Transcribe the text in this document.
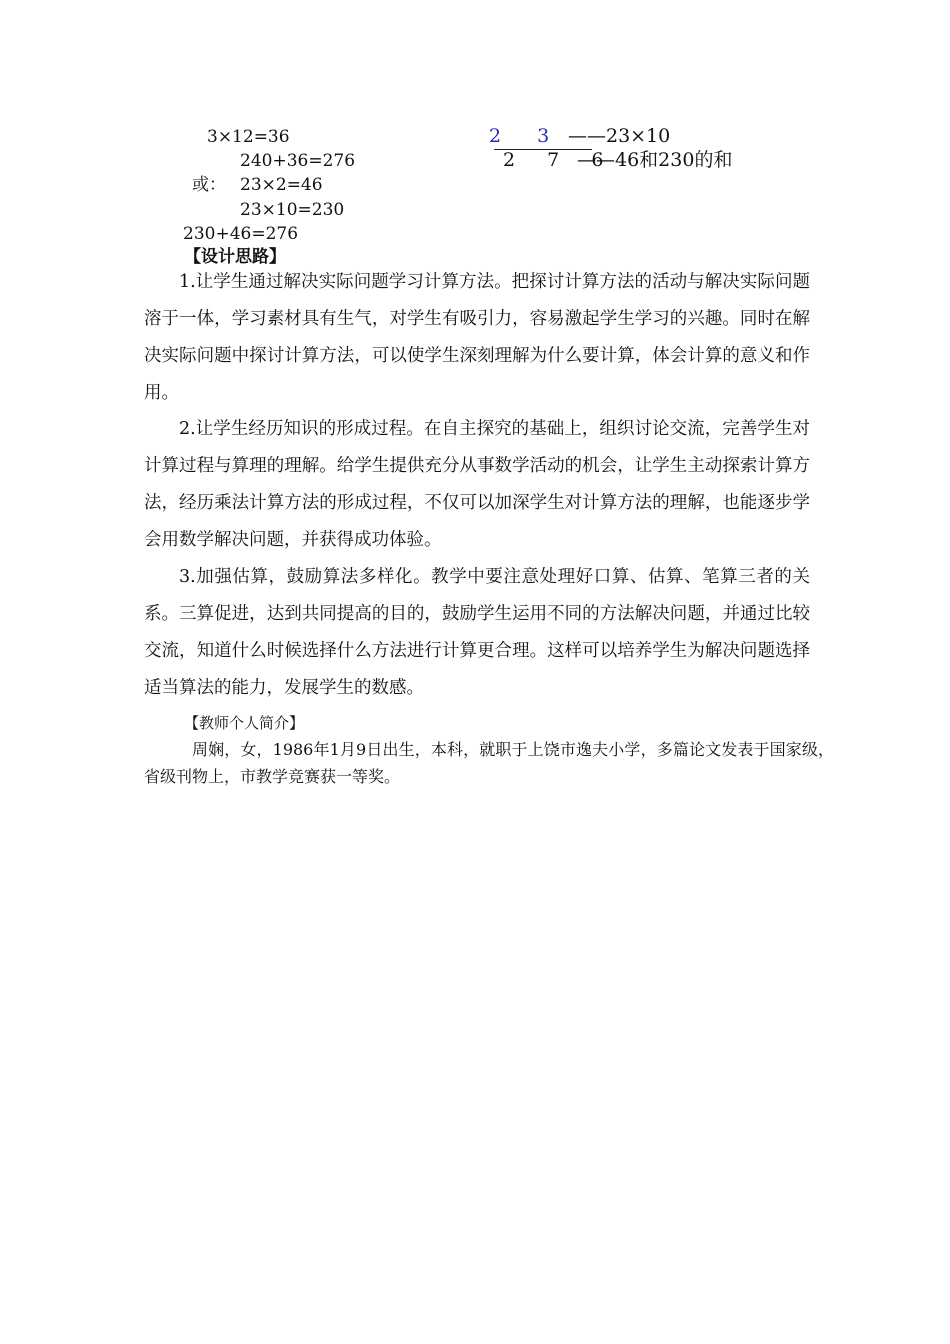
3×12=36
240+36=276
或： 23×2=46
23×10=230
230+46=276
2  3 ——23×10
2  7  6
——46和230的和
【设计思路】

1.让学生通过解决实际问题学习计算方法。把探讨计算方法的活动与解决实际问题溶于一体，学习素材具有生气，对学生有吸引力，容易激起学生学习的兴趣。同时在解决实际问题中探讨计算方法，可以使学生深刻理解为什么要计算，体会计算的意义和作用。

2.让学生经历知识的形成过程。在自主探究的基础上，组织讨论交流，完善学生对计算过程与算理的理解。给学生提供充分从事数学活动的机会，让学生主动探索计算方法，经历乘法计算方法的形成过程，不仅可以加深学生对计算方法的理解，也能逐步学会用数学解决问题，并获得成功体验。

3.加强估算，鼓励算法多样化。教学中要注意处理好口算、估算、笔算三者的关系。三算促进，达到共同提高的目的，鼓励学生运用不同的方法解决问题，并通过比较交流，知道什么时候选择什么方法进行计算更合理。这样可以培养学生为解决问题选择适当算法的能力，发展学生的数感。

【教师个人简介】

周娴，女，1986年1月9日出生，本科，就职于上饶市逸夫小学，多篇论文发表于国家级，省级刊物上，市教学竞赛获一等奖。
